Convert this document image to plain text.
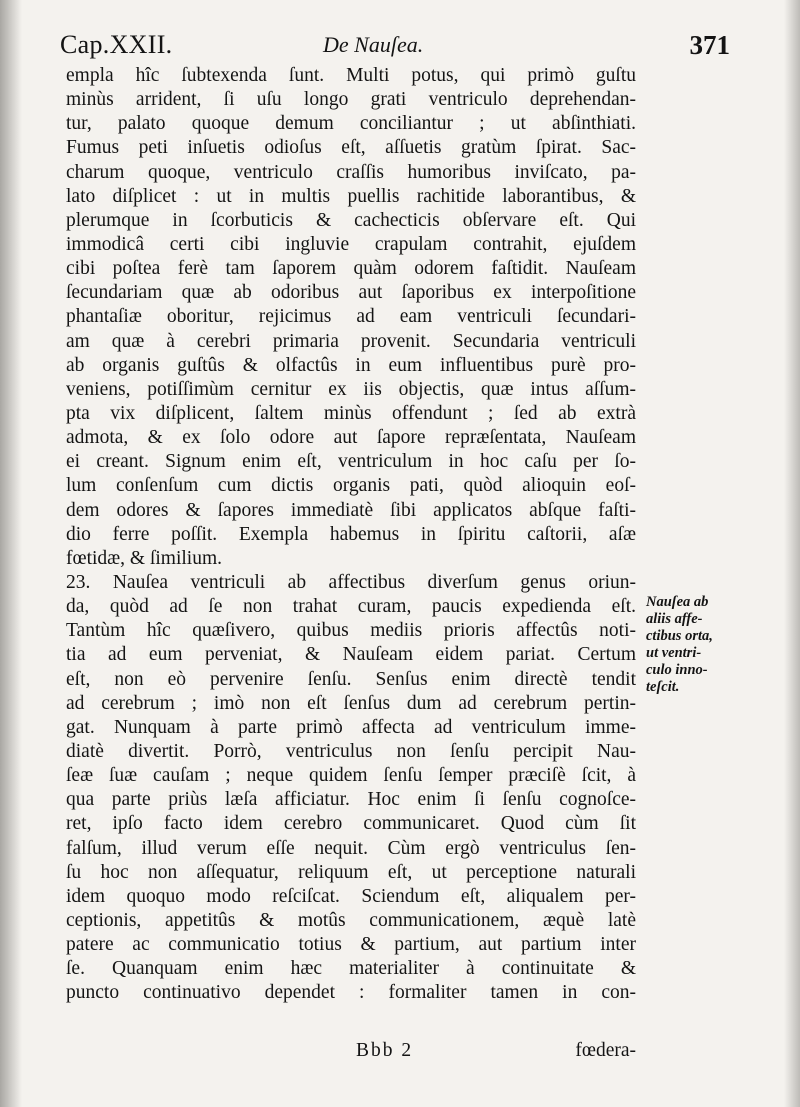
Cap.XXII.	De Nauſea.	371
empla hîc ſubtexenda ſunt. Multi potus, qui primò guſtu
minùs arrident, ſi uſu longo grati ventriculo deprehendan-
tur, palato quoque demum conciliantur ; ut abſinthiati.
Fumus peti inſuetis odioſus eſt, aſſuetis gratùm ſpirat. Sac-
charum quoque, ventriculo craſſis humoribus inviſcato, pa-
lato diſplicet : ut in multis puellis rachitide laborantibus, &
plerumque in ſcorbuticis & cachecticis obſervare eſt. Qui
immodicâ certi cibi ingluvie crapulam contrahit, ejuſdem
cibi poſtea ferè tam ſaporem quàm odorem faſtidit. Nauſeam
ſecundariam quæ ab odoribus aut ſaporibus ex interpoſitione
phantaſiæ oboritur, rejicimus ad eam ventriculi ſecundari-
am quæ à cerebri primaria provenit. Secundaria ventriculi
ab organis guſtûs & olfactûs in eum influentibus purè pro-
veniens, potiſſimùm cernitur ex iis objectis, quæ intus aſſum-
pta vix diſplicent, ſaltem minùs offendunt ; ſed ab extrà
admota, & ex ſolo odore aut ſapore repræſentata, Nauſeam
ei creant. Signum enim eſt, ventriculum in hoc caſu per ſo-
lum conſenſum cum dictis organis pati, quòd alioquin eoſ-
dem odores & ſapores immediatè ſibi applicatos abſque faſti-
dio ferre poſſit. Exempla habemus in ſpiritu caſtorii, aſæ
fœtidæ, & ſimilium.
23. Nauſea ventriculi ab affectibus diverſum genus oriun-
da, quòd ad ſe non trahat curam, paucis expedienda eſt.
Tantùm hîc quæſivero, quibus mediis prioris affectûs noti-
tia ad eum perveniat, & Nauſeam eidem pariat. Certum
eſt, non eò pervenire ſenſu. Senſus enim directè tendit
ad cerebrum ; imò non eſt ſenſus dum ad cerebrum pertin-
gat. Nunquam à parte primò affecta ad ventriculum imme-
diatè divertit. Porrò, ventriculus non ſenſu percipit Nau-
ſeæ ſuæ cauſam ; neque quidem ſenſu ſemper præciſè ſcit, à
qua parte priùs læſa afficiatur. Hoc enim ſi ſenſu cognoſce-
ret, ipſo facto idem cerebro communicaret. Quod cùm ſit
falſum, illud verum eſſe nequit. Cùm ergò ventriculus ſen-
ſu hoc non aſſequatur, reliquum eſt, ut perceptione naturali
idem quoquo modo reſciſcat. Sciendum eſt, aliqualem per-
ceptionis, appetitûs & motûs communicationem, æquè latè
patere ac communicatio totius & partium, aut partium inter
ſe. Quanquam enim hæc materialiter à continuitate &
puncto continuativo dependet : formaliter tamen in con-
Nauſea ab
aliis affe-
ctibus orta,
ut ventri-
culo inno-
teſcit.
Bbb 2	fœdera-
